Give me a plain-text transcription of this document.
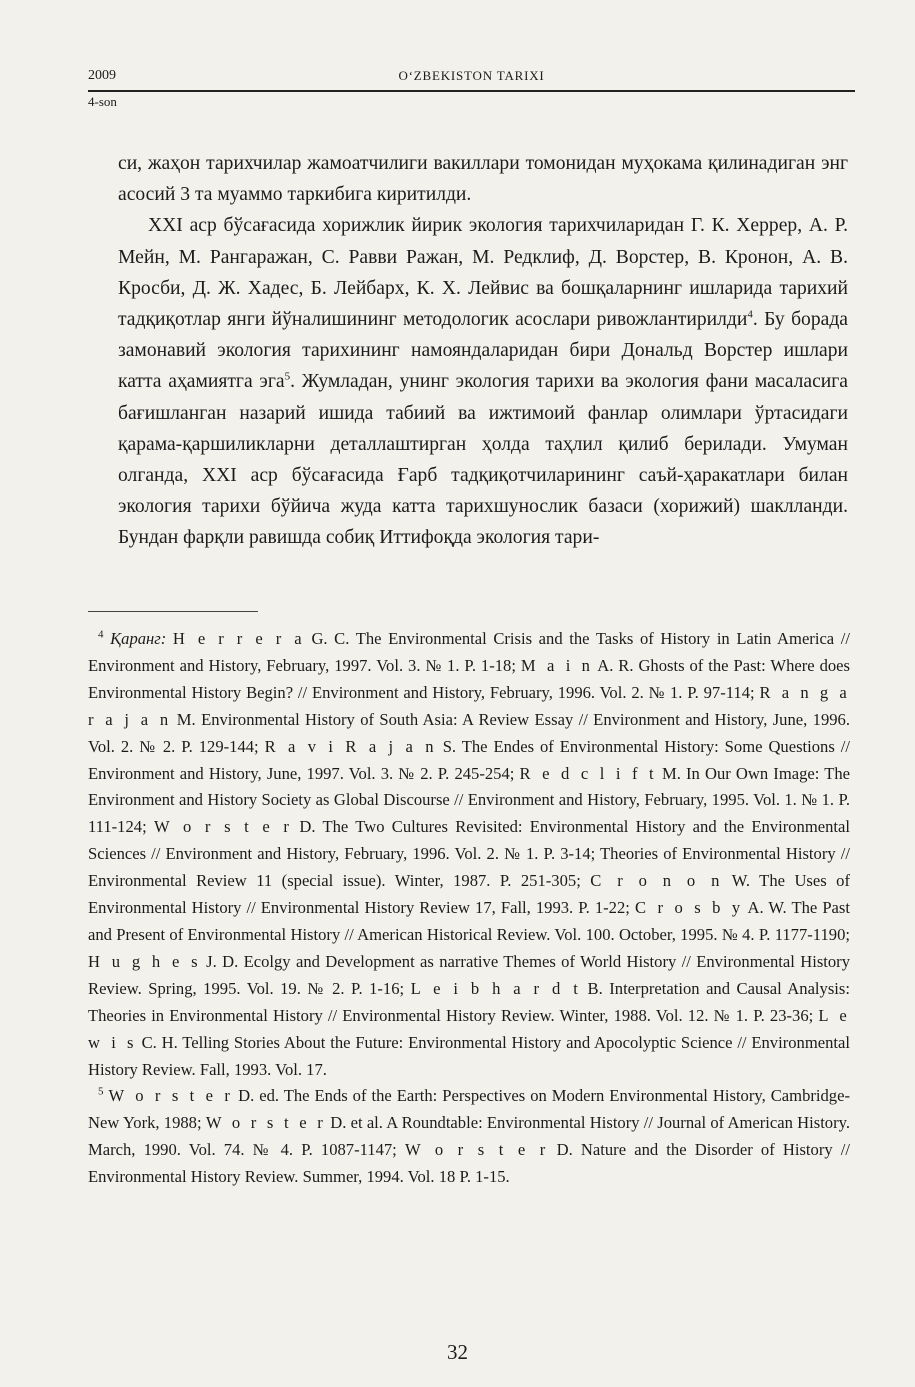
2009	O‘ZBEKISTON TARIXI
4-son

си, жаҳон тарихчилар жамоатчилиги вакиллари томонидан муҳокама қилинадиган энг асосий 3 та муаммо таркибига киритилди.

XXI аср бўсағасида хорижлик йирик экология тарихчиларидан Г. К. Херрер, А. Р. Мейн, М. Рангаражан, С. Равви Ражан, М. Редклиф, Д. Ворстер, В. Кронон, А. В. Кросби, Д. Ж. Хадес, Б. Лейбарх, К. Х. Лейвис ва бошқаларнинг ишларида тарихий тадқиқотлар янги йўналишининг методологик асослари ривожлантирилди$^4$. Бу борада замонавий экология тарихининг намояндаларидан бири Дональд Ворстер ишлари катта аҳамиятга эга$^5$. Жумладан, унинг экология тарихи ва экология фани масаласига бағишланган назарий ишида табиий ва ижтимоий фанлар олимлари ўртасидаги қарама-қаршиликларни деталлаштирган ҳолда таҳлил қилиб берилади. Умуман олганда, XXI аср бўсағасида Ғарб тадқиқотчиларининг саъй-ҳаракатлари билан экология тарихи бўйича жуда катта тарихшунослик базаси (хорижий) шаклланди. Бундан фарқли равишда собиқ Иттифоқда экология тари-

$^4$ Қаранг: H e r r e r a G. C. The Environmental Crisis and the Tasks of History in Latin America // Environment and History, February, 1997. Vol. 3. № 1. P. 1-18; M a i n A. R. Ghosts of the Past: Where does Environmental History Begin? // Environment and History, February, 1996. Vol. 2. № 1. P. 97-114; R a n g a r a j a n M. Environmental History of South Asia: A Review Essay // Environment and History, June, 1996. Vol. 2. № 2. P. 129-144; R a v i R a j a n S. The Endes of Environmental History: Some Questions // Environment and History, June, 1997. Vol. 3. № 2. P. 245-254; R e d c l i f t M. In Our Own Image: The Environment and History Society as Global Discourse // Environment and History, February, 1995. Vol. 1. № 1. P. 111-124; W o r s t e r D. The Two Cultures Revisited: Environmental History and the Environmental Sciences // Environment and History, February, 1996. Vol. 2. № 1. P. 3-14; Theories of Environmental History // Environmental Review 11 (special issue). Winter, 1987. P. 251-305; C r o n o n W. The Uses of Environmental History // Environmental History Review 17, Fall, 1993. P. 1-22; C r o s b y A. W. The Past and Present of Environmental History // American Historical Review. Vol. 100. October, 1995. № 4. P. 1177-1190; H u g h e s J. D. Ecolgy and Development as narrative Themes of World History // Environmental History Review. Spring, 1995. Vol. 19. № 2. P. 1-16; L e i b h a r d t B. Interpretation and Causal Analysis: Theories in Environmental History // Environmental History Review. Winter, 1988. Vol. 12. № 1. P. 23-36; L e w i s C. H. Telling Stories About the Future: Environmental History and Apocolyptic Science // Environmental History Review. Fall, 1993. Vol. 17.

$^5$ W o r s t e r D. ed. The Ends of the Earth: Perspectives on Modern Environmental History, Cambridge-New York, 1988; W o r s t e r D. et al. A Roundtable: Environmental History // Journal of American History. March, 1990. Vol. 74. № 4. P. 1087-1147; W o r s t e r D. Nature and the Disorder of History // Environmental History Review. Summer, 1994. Vol. 18 P. 1-15.

32
